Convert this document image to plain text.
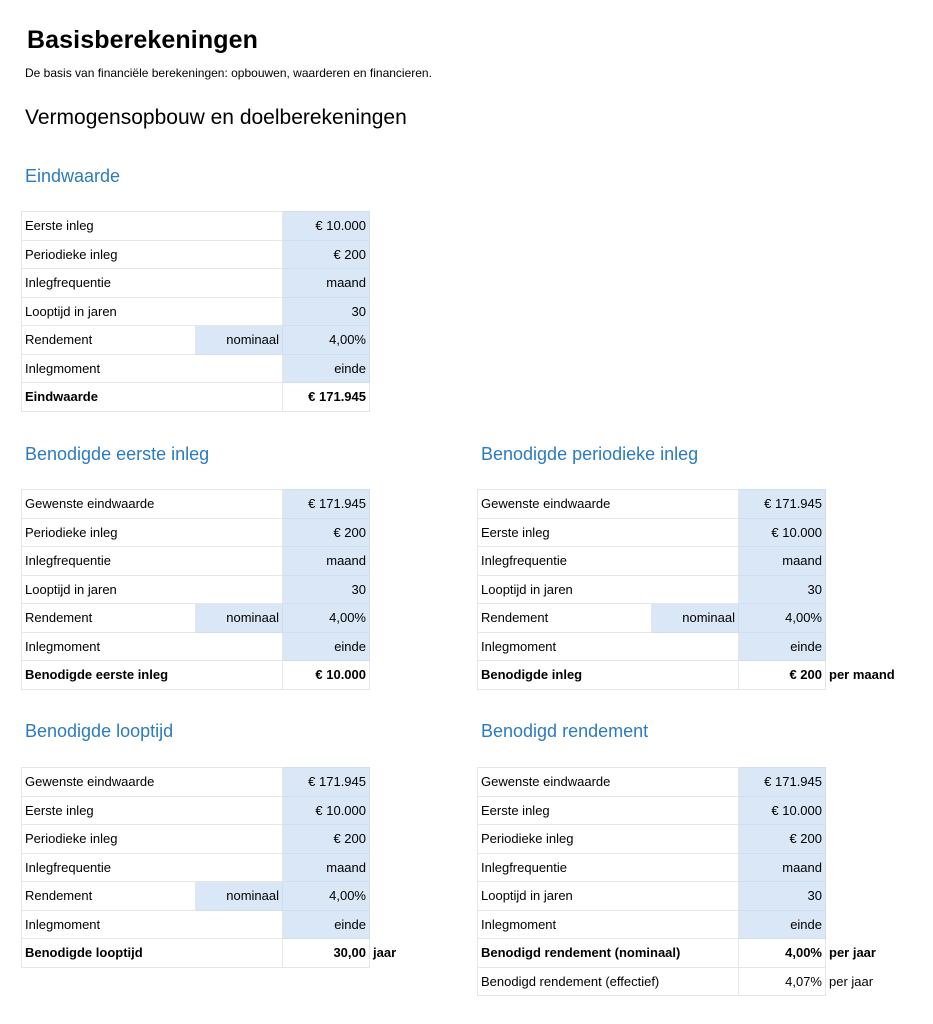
Basisberekeningen
De basis van financiële berekeningen: opbouwen, waarderen en financieren.
Vermogensopbouw en doelberekeningen
Eindwaarde
Eerste inleg		€ 10.000
Periodieke inleg		€ 200
Inlegfrequentie		maand
Looptijd in jaren		30
Rendement	nominaal	4,00%
Inlegmoment		einde
Eindwaarde		€ 171.945
Benodigde eerste inleg
Gewenste eindwaarde		€ 171.945
Periodieke inleg		€ 200
Inlegfrequentie		maand
Looptijd in jaren		30
Rendement	nominaal	4,00%
Inlegmoment		einde
Benodigde eerste inleg		€ 10.000
Benodigde periodieke inleg
Gewenste eindwaarde		€ 171.945	
Eerste inleg		€ 10.000	
Inlegfrequentie		maand	
Looptijd in jaren		30	
Rendement	nominaal	4,00%	
Inlegmoment		einde	
Benodigde inleg		€ 200	per maand
Benodigde looptijd
Gewenste eindwaarde		€ 171.945	
Eerste inleg		€ 10.000	
Periodieke inleg		€ 200	
Inlegfrequentie		maand	
Rendement	nominaal	4,00%	
Inlegmoment		einde	
Benodigde looptijd		30,00	jaar
Benodigd rendement
Gewenste eindwaarde	€ 171.945	
Eerste inleg	€ 10.000	
Periodieke inleg	€ 200	
Inlegfrequentie	maand	
Looptijd in jaren	30	
Inlegmoment	einde	
Benodigd rendement (nominaal)	4,00%	per jaar
Benodigd rendement (effectief)	4,07%	per jaar
